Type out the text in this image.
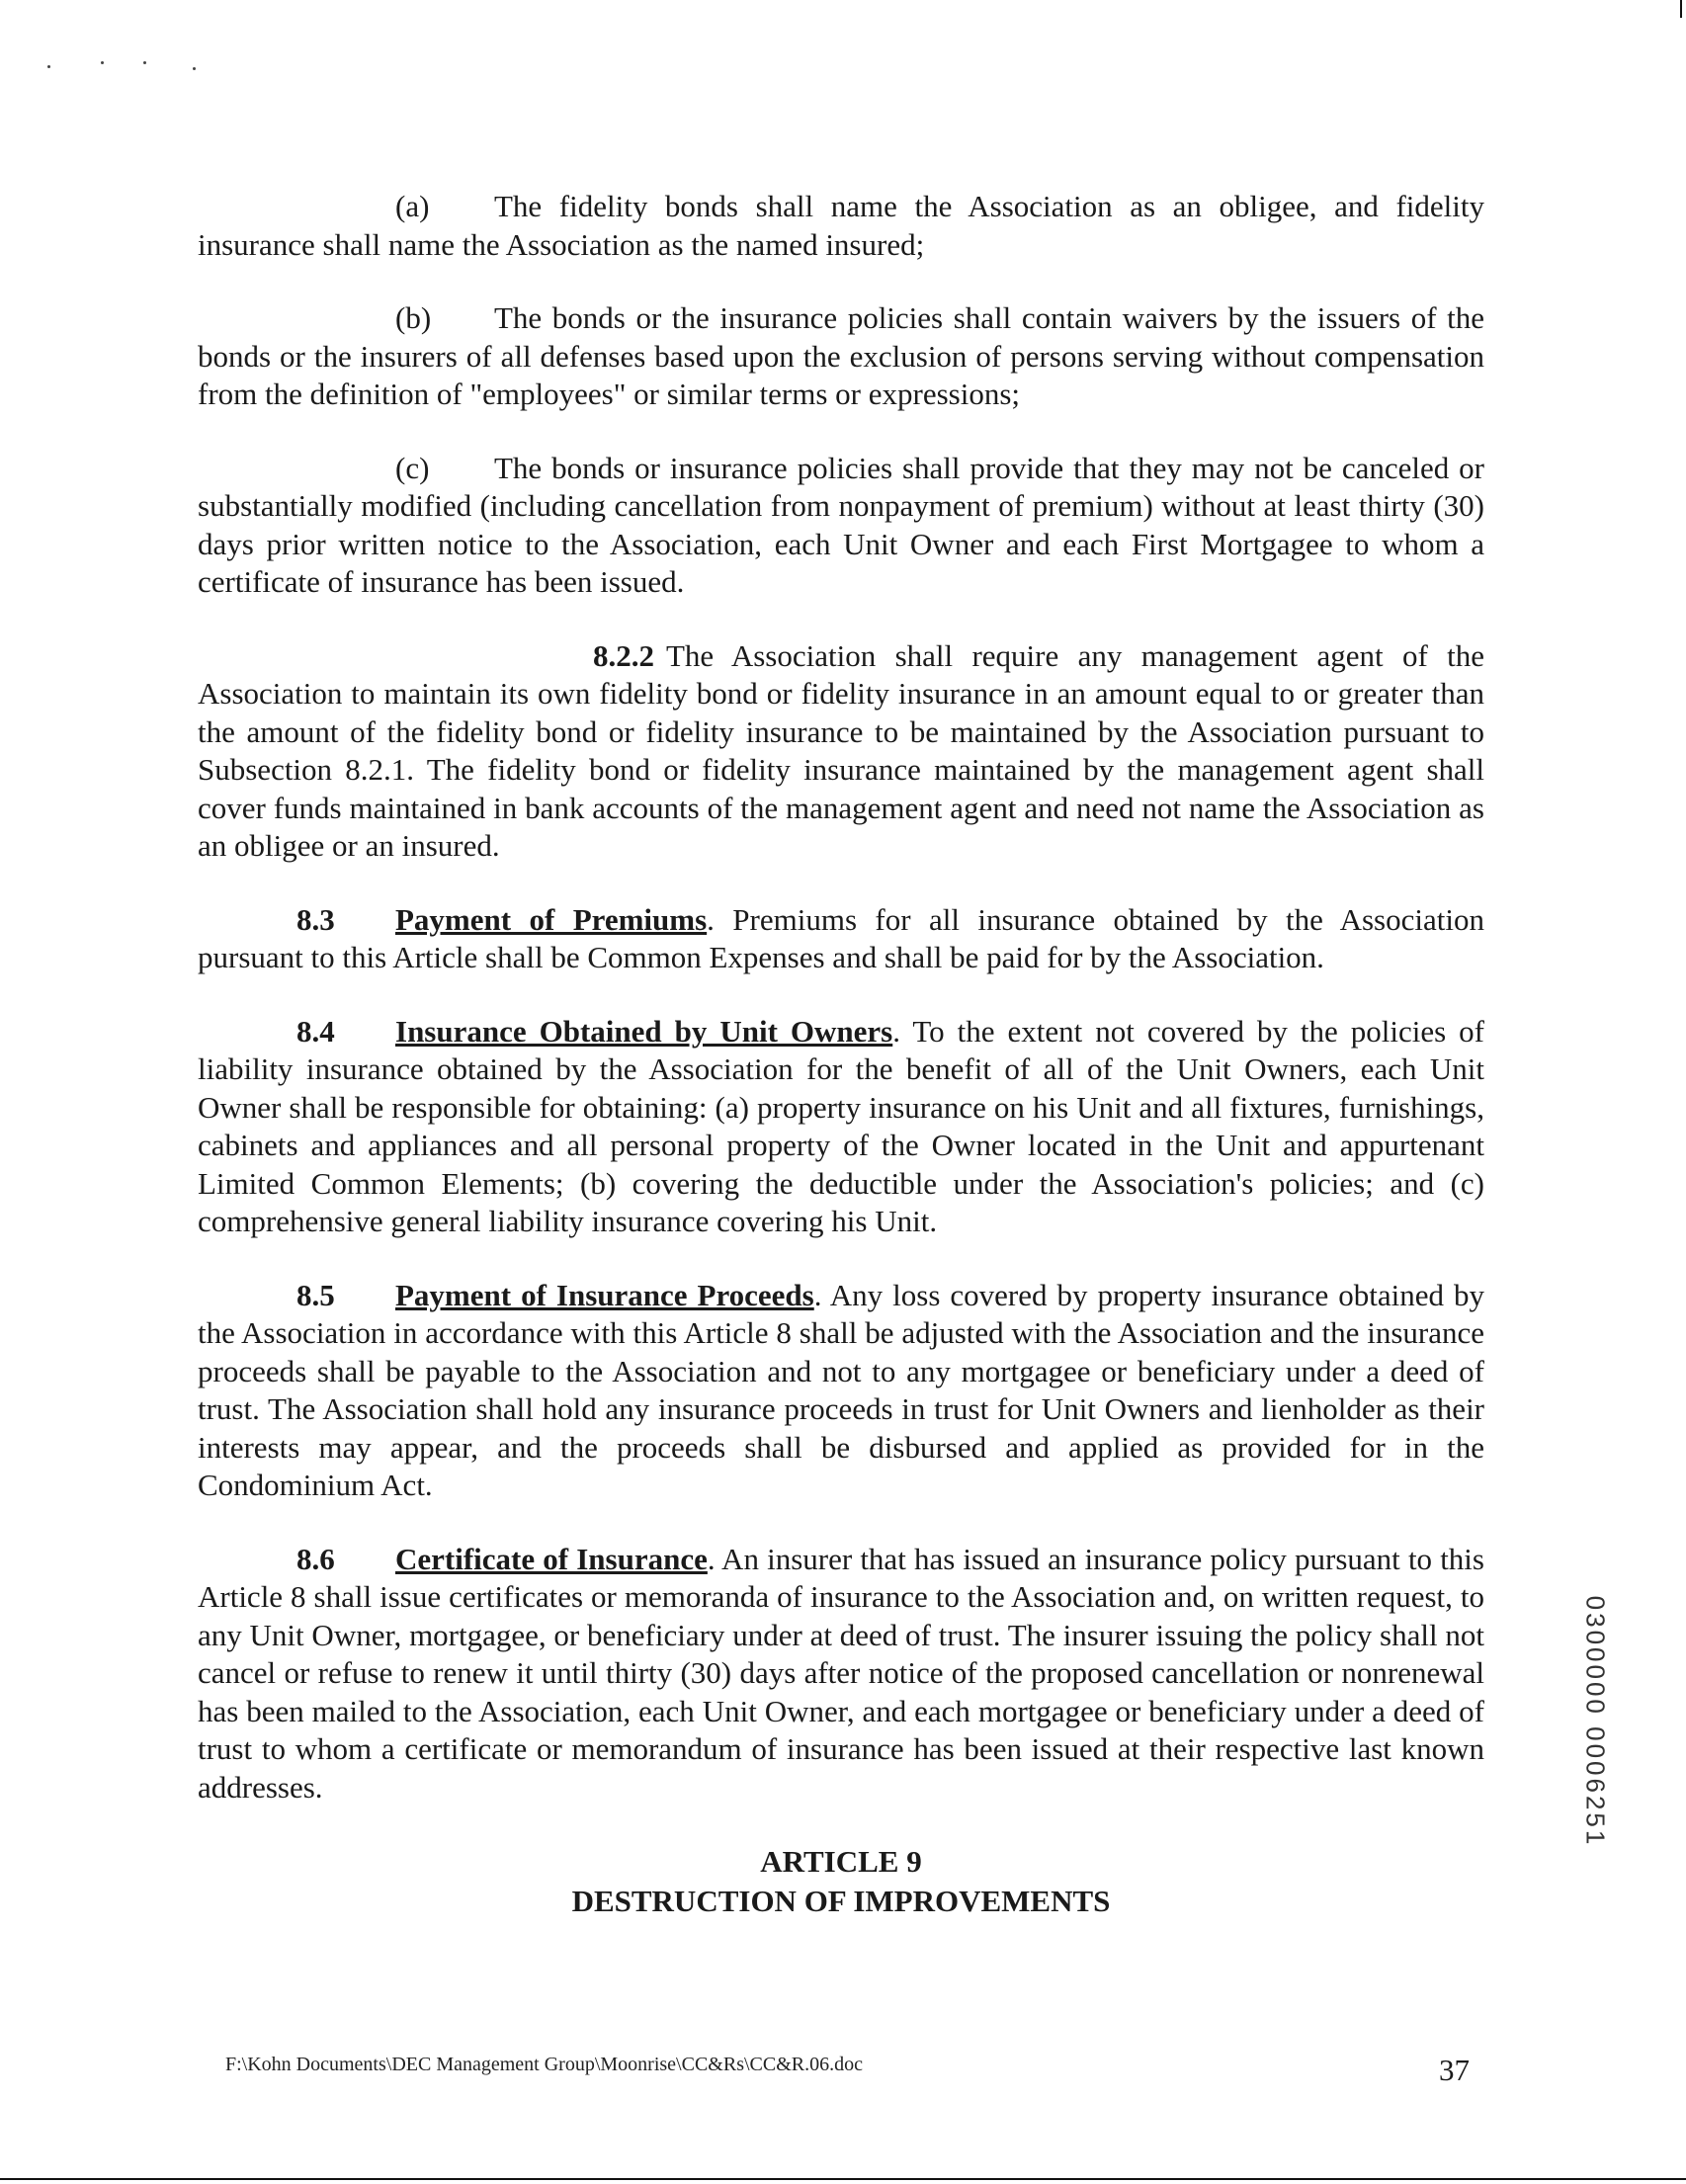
(a) The fidelity bonds shall name the Association as an obligee, and fidelity insurance shall name the Association as the named insured;

(b) The bonds or the insurance policies shall contain waivers by the issuers of the bonds or the insurers of all defenses based upon the exclusion of persons serving without compensation from the definition of "employees" or similar terms or expressions;

(c) The bonds or insurance policies shall provide that they may not be canceled or substantially modified (including cancellation from nonpayment of premium) without at least thirty (30) days prior written notice to the Association, each Unit Owner and each First Mortgagee to whom a certificate of insurance has been issued.

8.2.2 The Association shall require any management agent of the Association to maintain its own fidelity bond or fidelity insurance in an amount equal to or greater than the amount of the fidelity bond or fidelity insurance to be maintained by the Association pursuant to Subsection 8.2.1. The fidelity bond or fidelity insurance maintained by the management agent shall cover funds maintained in bank accounts of the management agent and need not name the Association as an obligee or an insured.

8.3 Payment of Premiums. Premiums for all insurance obtained by the Association pursuant to this Article shall be Common Expenses and shall be paid for by the Association.

8.4 Insurance Obtained by Unit Owners. To the extent not covered by the policies of liability insurance obtained by the Association for the benefit of all of the Unit Owners, each Unit Owner shall be responsible for obtaining: (a) property insurance on his Unit and all fixtures, furnishings, cabinets and appliances and all personal property of the Owner located in the Unit and appurtenant Limited Common Elements; (b) covering the deductible under the Association's policies; and (c) comprehensive general liability insurance covering his Unit.

8.5 Payment of Insurance Proceeds. Any loss covered by property insurance obtained by the Association in accordance with this Article 8 shall be adjusted with the Association and the insurance proceeds shall be payable to the Association and not to any mortgagee or beneficiary under a deed of trust. The Association shall hold any insurance proceeds in trust for Unit Owners and lienholder as their interests may appear, and the proceeds shall be disbursed and applied as provided for in the Condominium Act.

8.6 Certificate of Insurance. An insurer that has issued an insurance policy pursuant to this Article 8 shall issue certificates or memoranda of insurance to the Association and, on written request, to any Unit Owner, mortgagee, or beneficiary under at deed of trust. The insurer issuing the policy shall not cancel or refuse to renew it until thirty (30) days after notice of the proposed cancellation or nonrenewal has been mailed to the Association, each Unit Owner, and each mortgagee or beneficiary under a deed of trust to whom a certificate or memorandum of insurance has been issued at their respective last known addresses.

ARTICLE 9
DESTRUCTION OF IMPROVEMENTS
0300000 0006251
F:\Kohn Documents\DEC Management Group\Moonrise\CC&Rs\CC&R.06.doc	37
